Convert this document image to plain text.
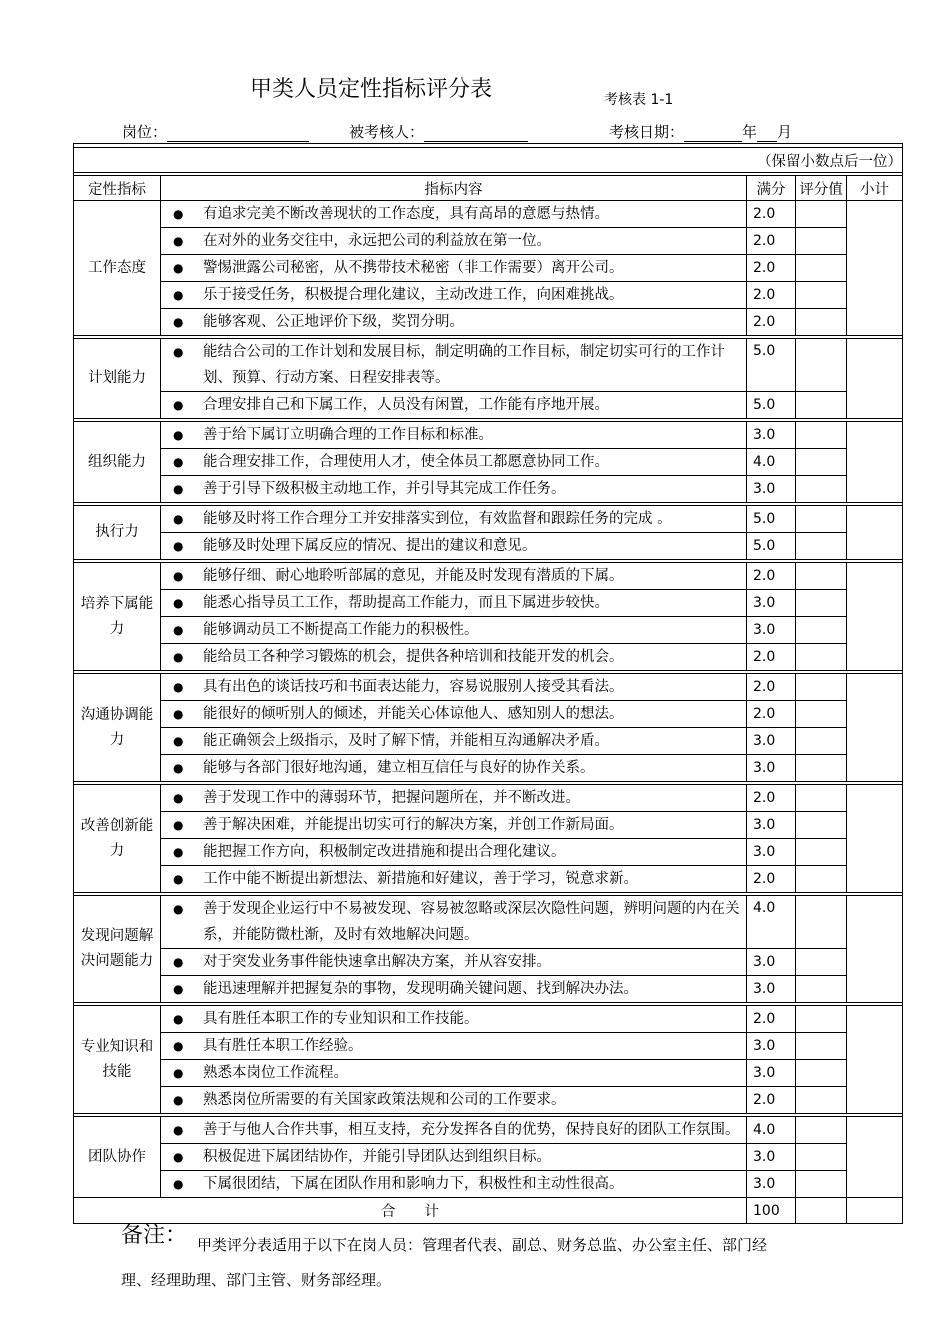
甲类人员定性指标评分表	考核表 1-1
岗位：	被考核人：	考核日期：	年 月

（保留小数点后一位）				

定性指标	指标内容	满分	评分值	小计
工作态度	● 有追求完美不断改善现状的工作态度，具有高昂的意愿与热情。	2.0		
	● 在对外的业务交往中，永远把公司的利益放在第一位。	2.0		
	● 警惕泄露公司秘密，从不携带技术秘密（非工作需要）离开公司。	2.0		
	● 乐于接受任务，积极提合理化建议，主动改进工作，向困难挑战。	2.0		
	● 能够客观、公正地评价下级，奖罚分明。	2.0		

计划能力	● 能结合公司的工作计划和发展目标，制定明确的工作目标，制定切实可行的工作计划、预算、行动方案、日程安排表等。	5.0		
	● 合理安排自己和下属工作，人员没有闲置，工作能有序地开展。	5.0		

组织能力	● 善于给下属订立明确合理的工作目标和标准。	3.0		
	● 能合理安排工作，合理使用人才，使全体员工都愿意协同工作。	4.0		
	● 善于引导下级积极主动地工作，并引导其完成工作任务。	3.0		

执行力	● 能够及时将工作合理分工并安排落实到位，有效监督和跟踪任务的完成 。	5.0		
	● 能够及时处理下属反应的情况、提出的建议和意见。	5.0		

培养下属能力	● 能够仔细、耐心地聆听部属的意见，并能及时发现有潜质的下属。	2.0		
	● 能悉心指导员工工作，帮助提高工作能力，而且下属进步较快。	3.0		
	● 能够调动员工不断提高工作能力的积极性。	3.0		
	● 能给员工各种学习锻炼的机会，提供各种培训和技能开发的机会。	2.0		

沟通协调能力	● 具有出色的谈话技巧和书面表达能力，容易说服别人接受其看法。	2.0		
	● 能很好的倾听别人的倾述，并能关心体谅他人、感知别人的想法。	2.0		
	● 能正确领会上级指示，及时了解下情，并能相互沟通解决矛盾。	3.0		
	● 能够与各部门很好地沟通，建立相互信任与良好的协作关系。	3.0		

改善创新能力	● 善于发现工作中的薄弱环节，把握问题所在，并不断改进。	2.0		
	● 善于解决困难，并能提出切实可行的解决方案，并创工作新局面。	3.0		
	● 能把握工作方向，积极制定改进措施和提出合理化建议。	3.0		
	● 工作中能不断提出新想法、新措施和好建议，善于学习，锐意求新。	2.0		

发现问题解决问题能力	● 善于发现企业运行中不易被发现、容易被忽略或深层次隐性问题，辨明问题的内在关系，并能防微杜渐，及时有效地解决问题。	4.0		
	● 对于突发业务事件能快速拿出解决方案，并从容安排。	3.0		
	● 能迅速理解并把握复杂的事物，发现明确关键问题、找到解决办法。	3.0		

专业知识和技能	● 具有胜任本职工作的专业知识和工作技能。	2.0		
	● 具有胜任本职工作经验。	3.0		
	● 熟悉本岗位工作流程。	3.0		
	● 熟悉岗位所需要的有关国家政策法规和公司的工作要求。	2.0		

团队协作	● 善于与他人合作共事，相互支持，充分发挥各自的优势，保持良好的团队工作氛围。	4.0		
	● 积极促进下属团结协作，并能引导团队达到组织目标。	3.0		
	● 下属很团结，下属在团队作用和影响力下，积极性和主动性很高。	3.0		
合　　计		100		
备注： 甲类评分表适用于以下在岗人员：管理者代表、副总、财务总监、办公室主任、部门经
理、经理助理、部门主管、财务部经理。
